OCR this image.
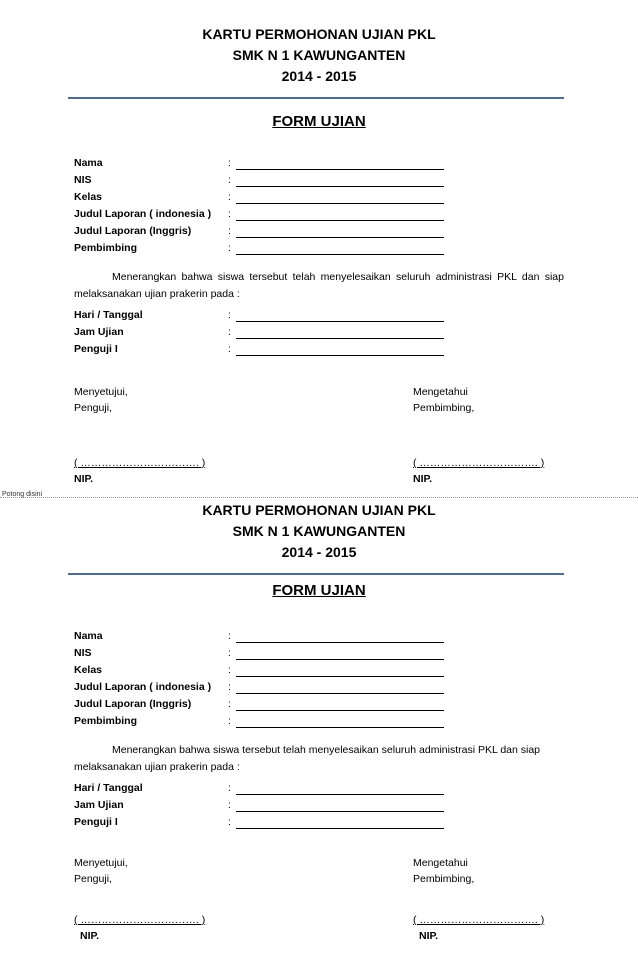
KARTU PERMOHONAN UJIAN PKL
SMK N 1 KAWUNGANTEN
2014 - 2015
FORM UJIAN
Nama	:
NIS	:
Kelas	:
Judul Laporan ( indonesia ) :
Judul Laporan (Inggris)	:
Pembimbing	:
Menerangkan bahwa siswa tersebut telah menyelesaikan seluruh administrasi PKL dan siap melaksanakan ujian prakerin pada :
Hari / Tanggal	:
Jam Ujian	:
Penguji I	:
Menyetujui,
Penguji,
( ……………………………. )
NIP.
Mengetahui
Pembimbing,
( ……………………………. )
NIP.
Potong disini
KARTU PERMOHONAN UJIAN PKL
SMK N 1 KAWUNGANTEN
2014 - 2015
FORM UJIAN
Nama	:
NIS	:
Kelas	:
Judul Laporan ( indonesia ) :
Judul Laporan (Inggris)	:
Pembimbing	:
Menerangkan bahwa siswa tersebut telah menyelesaikan seluruh administrasi PKL dan siap melaksanakan ujian prakerin pada :
Hari / Tanggal	:
Jam Ujian	:
Penguji I	:
Menyetujui,
Penguji,
( ……………………………. )
NIP.
Mengetahui
Pembimbing,
( ……………………………. )
NIP.
